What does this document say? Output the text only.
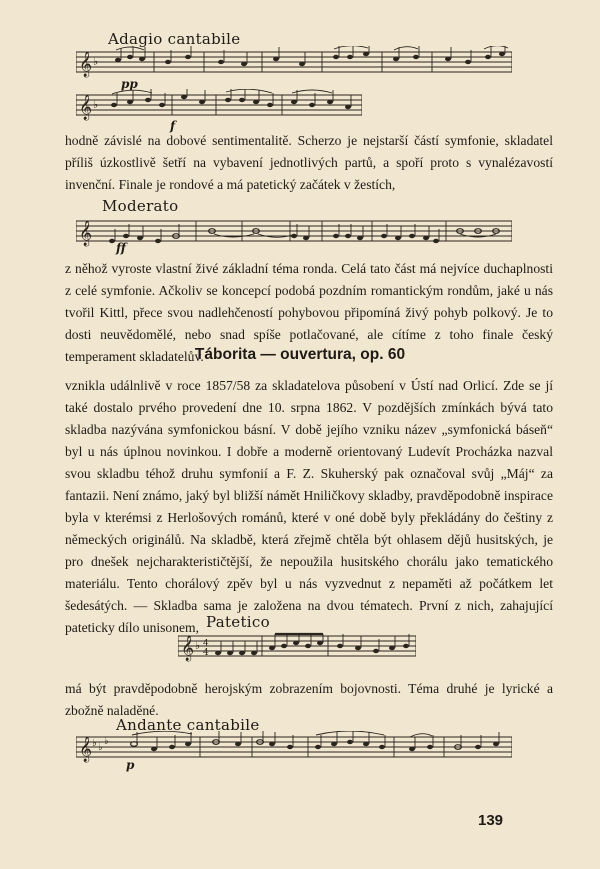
Adagio cantabile
𝄞 ♭
pp
𝄞 ♭
f

hodně závislé na dobové sentimentalitě. Scherzo je nejstarší částí symfonie, skladatel příliš úzkostlivě šetří na vybavení jednotlivých partů, a spoří proto s vynalézavostí invenční. Finale je rondové a má patetický začátek v žestích,

Moderato
𝄞
ff

z něhož vyroste vlastní živé základní téma ronda. Celá tato část má nejvíce duchaplnosti z celé symfonie. Ačkoliv se koncepcí podobá pozdním romantickým rondům, jaké u nás tvořil Kittl, přece svou nadlehčeností pohybovou připomíná živý pohyb polkový. Je to dosti neuvědomělé, nebo snad spíše potlačované, ale cítíme z toho finale český temperament skladatelův.

Táborita — ouvertura, op. 60

vznikla událnlivě v roce 1857/58 za skladatelova působení v Ústí nad Orlicí. Zde se jí také dostalo prvého provedení dne 10. srpna 1862. V pozdějších zmínkách bývá tato skladba nazývána symfonickou básní. V době jejího vzniku název „symfonická báseň“ byl u nás úplnou novinkou. I dobře a moderně orientovaný Ludevít Procházka nazval svou skladbu téhož druhu symfonií a F. Z. Skuherský pak označoval svůj „Máj“ za fantazii. Není známo, jaký byl bližší námět Hniličkovy skladby, pravděpodobně inspirace byla v kterémsi z Herlošových románů, které v oné době byly překládány do češtiny z německých originálů. Na skladbě, která zřejmě chtěla být ohlasem dějů husitských, je pro dnešek nejcharakterističtější, že nepoužila husitského chorálu jako tematického materiálu. Tento chorálový zpěv byl u nás vyzvednut z nepaměti až počátkem let šedesátých. — Skladba sama je založena na dvou tématech. První z nich, zahajující pateticky dílo unisonem, Patetico
𝄞 ♭ 4
4

má být pravděpodobně herojským zobrazením bojovnosti. Téma druhé je lyrické a zbožně naladěné.

Andante cantabile
𝄞 ♭ ♭
♭
p
139
